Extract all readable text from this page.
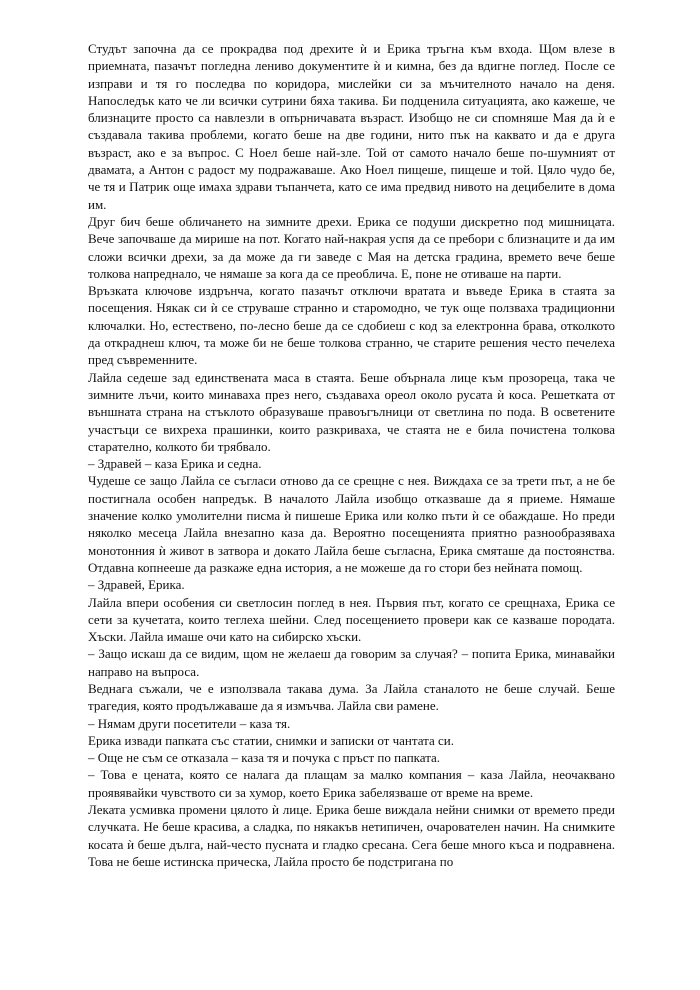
Студът започна да се прокрадва под дрехите ѝ и Ерика тръгна към входа. Щом влезе в приемната, пазачът погледна лениво документите ѝ и кимна, без да вдигне поглед. После се изправи и тя го последва по коридора, мислейки си за мъчителното начало на деня. Напоследък като че ли всички сутрини бяха такива. Би подценила ситуацията, ако кажеше, че близнаците просто са навлезли в опърничавата възраст. Изобщо не си спомняше Мая да ѝ е създавала такива проблеми, когато беше на две години, нито пък на каквато и да е друга възраст, ако е за въпрос. С Ноел беше най-зле. Той от самото начало беше по-шумният от двамата, а Антон с радост му подражаваше. Ако Ноел пищеше, пищеше и той. Цяло чудо бе, че тя и Патрик още имаха здрави тъпанчета, като се има предвид нивото на децибелите в дома им.

Друг бич беше обличането на зимните дрехи. Ерика се подуши дискретно под мишницата. Вече започваше да мирише на пот. Когато най-накрая успя да се пребори с близнаците и да им сложи всички дрехи, за да може да ги заведе с Мая на детска градина, времето вече беше толкова напреднало, че нямаше за кога да се преоблича. Е, поне не отиваше на парти.

Връзката ключове издрънча, когато пазачът отключи вратата и въведе Ерика в стаята за посещения. Някак си ѝ се струваше странно и старомодно, че тук още ползваха традиционни ключалки. Но, естествено, по-лесно беше да се сдобиеш с код за електронна брава, отколкото да откраднеш ключ, та може би не беше толкова странно, че старите решения често печелеха пред съвременните.

Лайла седеше зад единствената маса в стаята. Беше обърнала лице към прозореца, така че зимните лъчи, които минаваха през него, създаваха ореол около русата ѝ коса. Решетката от външната страна на стъклото образуваше правоъгълници от светлина по пода. В осветените участъци се вихреха прашинки, които разкриваха, че стаята не е била почистена толкова старателно, колкото би трябвало.

– Здравей – каза Ерика и седна.

Чудеше се защо Лайла се съгласи отново да се срещне с нея. Виждаха се за трети път, а не бе постигнала особен напредък. В началото Лайла изобщо отказваше да я приеме. Нямаше значение колко умолителни писма ѝ пишеше Ерика или колко пъти ѝ се обаждаше. Но преди няколко месеца Лайла внезапно каза да. Вероятно посещенията приятно разнообразяваха монотонния ѝ живот в затвора и докато Лайла беше съгласна, Ерика смяташе да постоянства. Отдавна копнееше да разкаже една история, а не можеше да го стори без нейната помощ.

– Здравей, Ерика.

Лайла впери особения си светлосин поглед в нея. Първия път, когато се срещнаха, Ерика се сети за кучетата, които теглеха шейни. След посещението провери как се казваше породата. Хъски. Лайла имаше очи като на сибирско хъски.

– Защо искаш да се видим, щом не желаеш да говорим за случая? – попита Ерика, минавайки направо на въпроса.

Веднага съжали, че е използвала такава дума. За Лайла станалото не беше случай. Беше трагедия, която продължаваше да я измъчва. Лайла сви рамене.

– Нямам други посетители – каза тя.

Ерика извади папката със статии, снимки и записки от чантата си.

– Още не съм се отказала – каза тя и почука с пръст по папката.

– Това е цената, която се налага да плащам за малко компания – каза Лайла, неочаквано проявявайки чувството си за хумор, което Ерика забелязваше от време на време.

Леката усмивка промени цялото ѝ лице. Ерика беше виждала нейни снимки от времето преди случката. Не беше красива, а сладка, по някакъв нетипичен, очарователен начин. На снимките косата ѝ беше дълга, най-често пусната и гладко сресана. Сега беше много къса и подравнена. Това не беше истинска прическа, Лайла просто бе подстригана по
